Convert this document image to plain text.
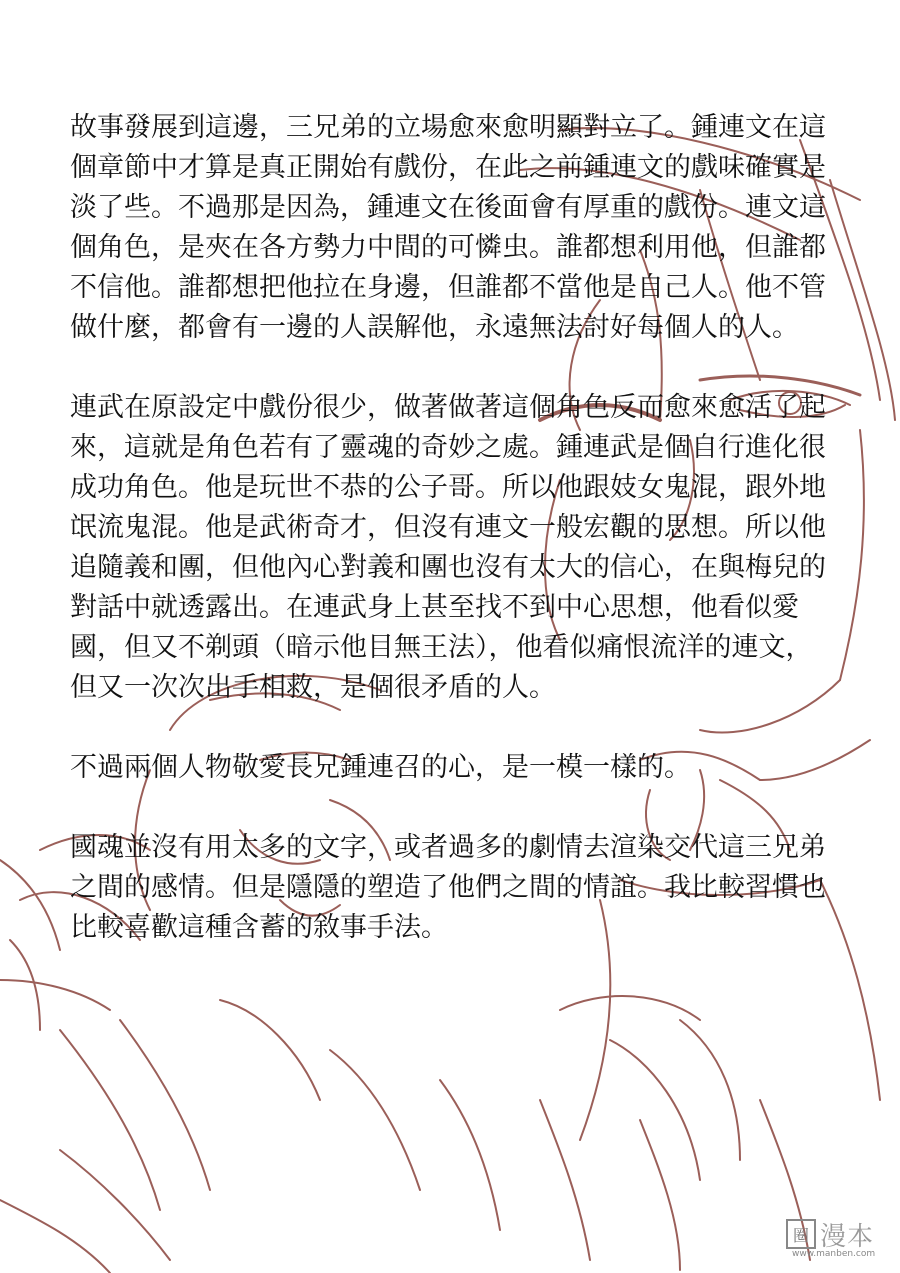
故事發展到這邊，三兄弟的立場愈來愈明顯對立了。鍾連文在這
個章節中才算是真正開始有戲份，在此之前鍾連文的戲味確實是
淡了些。不過那是因為，鍾連文在後面會有厚重的戲份。連文這
個角色，是夾在各方勢力中間的可憐虫。誰都想利用他，但誰都
不信他。誰都想把他拉在身邊，但誰都不當他是自己人。他不管
做什麼，都會有一邊的人誤解他，永遠無法討好每個人的人。
連武在原設定中戲份很少，做著做著這個角色反而愈來愈活了起
來，這就是角色若有了靈魂的奇妙之處。鍾連武是個自行進化很
成功角色。他是玩世不恭的公子哥。所以他跟妓女鬼混，跟外地
氓流鬼混。他是武術奇才，但沒有連文一般宏觀的思想。所以他
追隨義和團，但他內心對義和團也沒有太大的信心，在與梅兒的
對話中就透露出。在連武身上甚至找不到中心思想，他看似愛
國，但又不剃頭（暗示他目無王法），他看似痛恨流洋的連文，
但又一次次出手相救，是個很矛盾的人。
不過兩個人物敬愛長兄鍾連召的心，是一模一樣的。
國魂並沒有用太多的文字，或者過多的劇情去渲染交代這三兄弟
之間的感情。但是隱隱的塑造了他們之間的情誼。我比較習慣也
比較喜歡這種含蓄的敘事手法。
圈 漫本
www.manben.com
